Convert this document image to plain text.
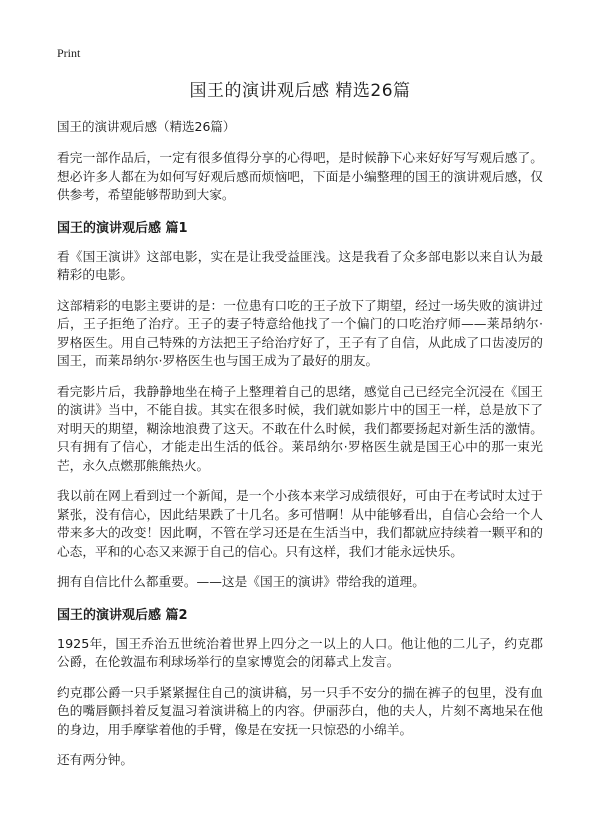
Print
国王的演讲观后感 精选26篇
国王的演讲观后感（精选26篇）

看完一部作品后，一定有很多值得分享的心得吧，是时候静下心来好好写写观后感了。想必许多人都在为如何写好观后感而烦恼吧，下面是小编整理的国王的演讲观后感，仅供参考，希望能够帮助到大家。

国王的演讲观后感 篇1

看《国王演讲》这部电影，实在是让我受益匪浅。这是我看了众多部电影以来自认为最精彩的电影。

这部精彩的电影主要讲的是：一位患有口吃的王子放下了期望，经过一场失败的演讲过后，王子拒绝了治疗。王子的妻子特意给他找了一个偏门的口吃治疗师——莱昂纳尔·罗格医生。用自己特殊的方法把王子给治疗好了，王子有了自信，从此成了口齿凌厉的国王，而莱昂纳尔·罗格医生也与国王成为了最好的朋友。

看完影片后，我静静地坐在椅子上整理着自己的思绪，感觉自己已经完全沉浸在《国王的演讲》当中，不能自拔。其实在很多时候，我们就如影片中的国王一样，总是放下了对明天的期望，糊涂地浪费了这天。不敢在什么时候，我们都要扬起对新生活的激情。只有拥有了信心，才能走出生活的低谷。莱昂纳尔·罗格医生就是国王心中的那一束光芒，永久点燃那熊熊热火。

我以前在网上看到过一个新闻，是一个小孩本来学习成绩很好，可由于在考试时太过于紧张，没有信心，因此结果跌了十几名。多可惜啊！从中能够看出，自信心会给一个人带来多大的改变！因此啊，不管在学习还是在生活当中，我们都就应持续着一颗平和的心态，平和的心态又来源于自己的信心。只有这样，我们才能永远快乐。

拥有自信比什么都重要。——这是《国王的演讲》带给我的道理。

国王的演讲观后感 篇2

1925年，国王乔治五世统治着世界上四分之一以上的人口。他让他的二儿子，约克郡公爵，在伦敦温布利球场举行的皇家博览会的闭幕式上发言。

约克郡公爵一只手紧紧握住自己的演讲稿，另一只手不安分的揣在裤子的包里，没有血色的嘴唇颤抖着反复温习着演讲稿上的内容。伊丽莎白，他的夫人，片刻不离地呆在他的身边，用手摩挲着他的手臂，像是在安抚一只惊恐的小绵羊。

还有两分钟。
